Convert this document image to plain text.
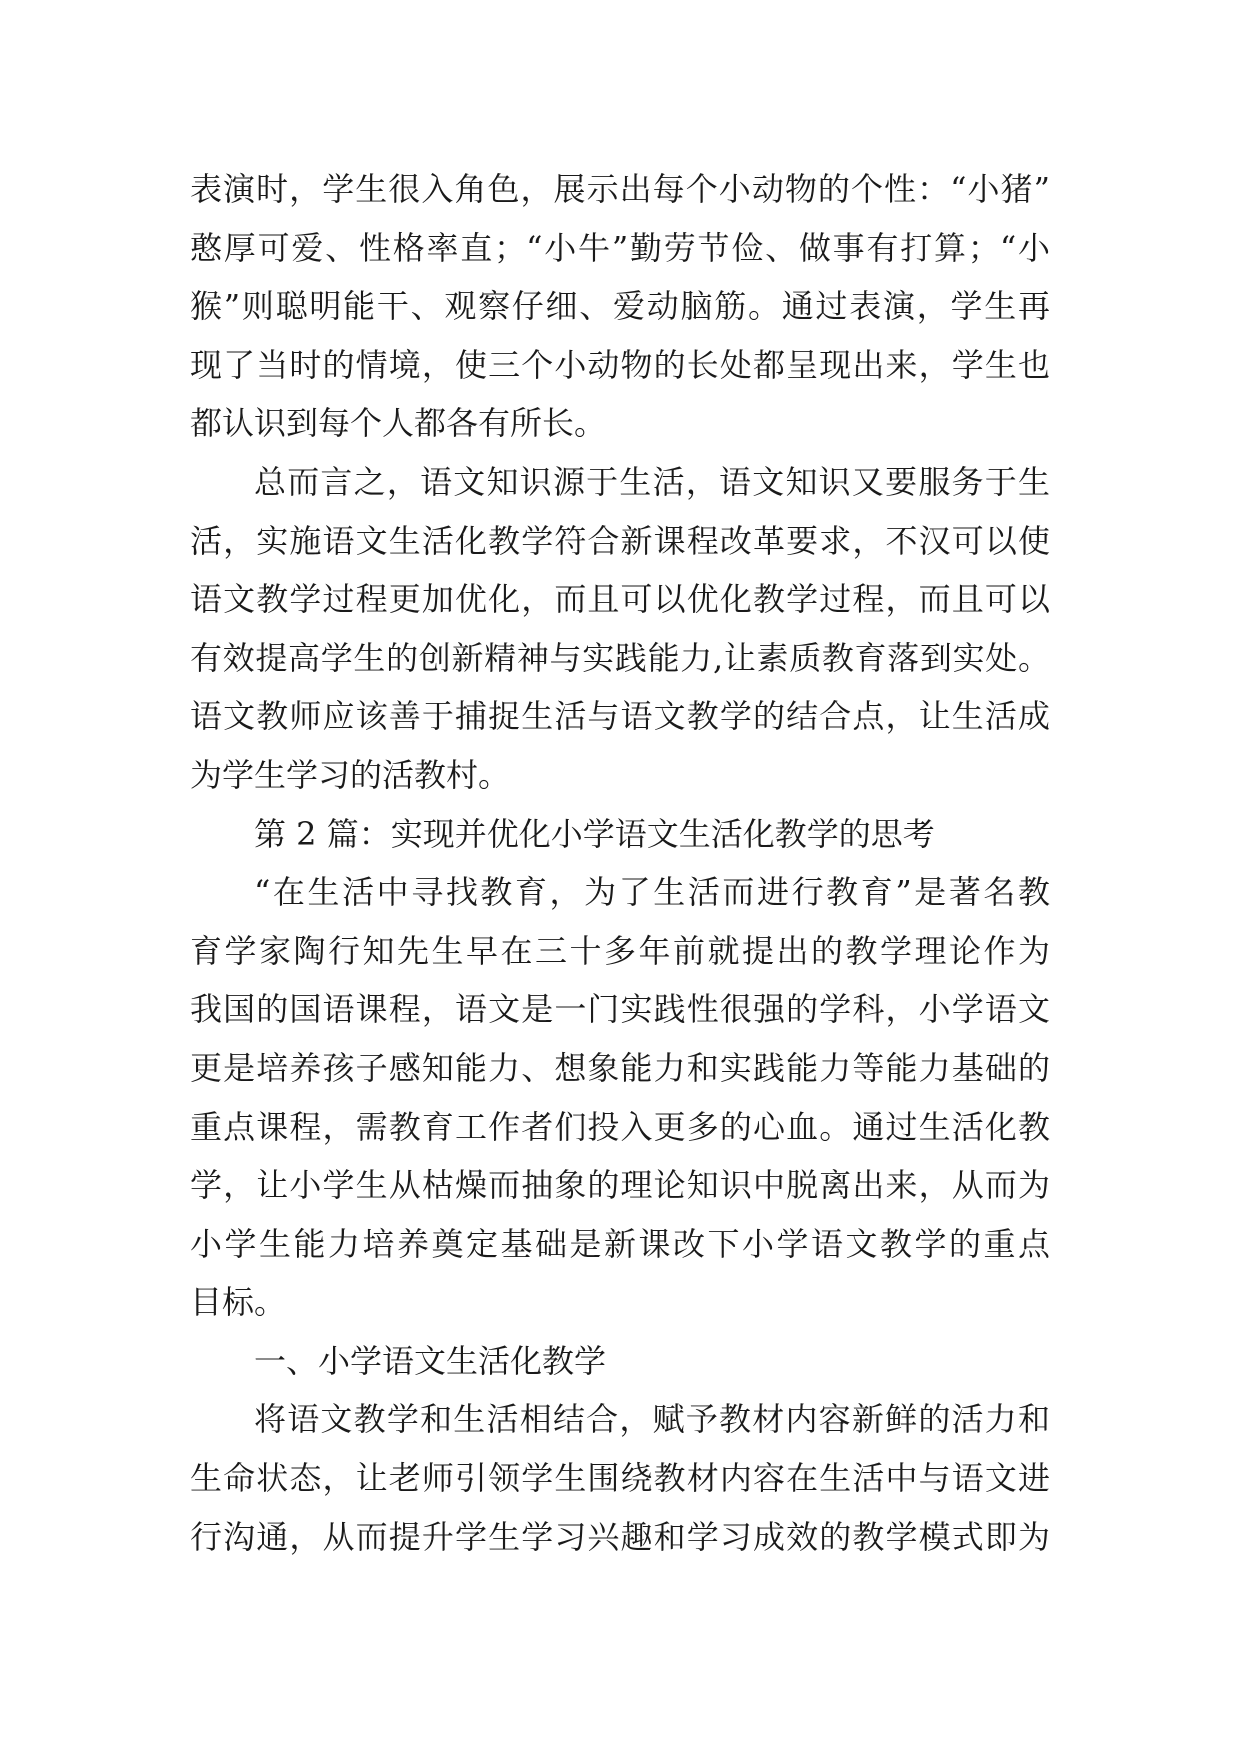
表演时，学生很入角色，展示出每个小动物的个性：“小猪”
憨厚可爱、性格率直；“小牛”勤劳节俭、做事有打算；“小
猴”则聪明能干、观察仔细、爱动脑筋。通过表演，学生再
现了当时的情境，使三个小动物的长处都呈现出来，学生也
都认识到每个人都各有所长。
总而言之，语文知识源于生活，语文知识又要服务于生
活，实施语文生活化教学符合新课程改革要求，不汉可以使
语文教学过程更加优化，而且可以优化教学过程，而且可以
有效提高学生的创新精神与实践能力,让素质教育落到实处。
语文教师应该善于捕捉生活与语文教学的结合点，让生活成
为学生学习的活教村。
第 2 篇：实现并优化小学语文生活化教学的思考
“在生活中寻找教育，为了生活而进行教育”是著名教
育学家陶行知先生早在三十多年前就提出的教学理论作为
我国的国语课程，语文是一门实践性很强的学科，小学语文
更是培养孩子感知能力、想象能力和实践能力等能力基础的
重点课程，需教育工作者们投入更多的心血。通过生活化教
学，让小学生从枯燥而抽象的理论知识中脱离出来，从而为
小学生能力培养奠定基础是新课改下小学语文教学的重点
目标。
一、小学语文生活化教学
将语文教学和生活相结合，赋予教材内容新鲜的活力和
生命状态，让老师引领学生围绕教材内容在生活中与语文进
行沟通，从而提升学生学习兴趣和学习成效的教学模式即为
